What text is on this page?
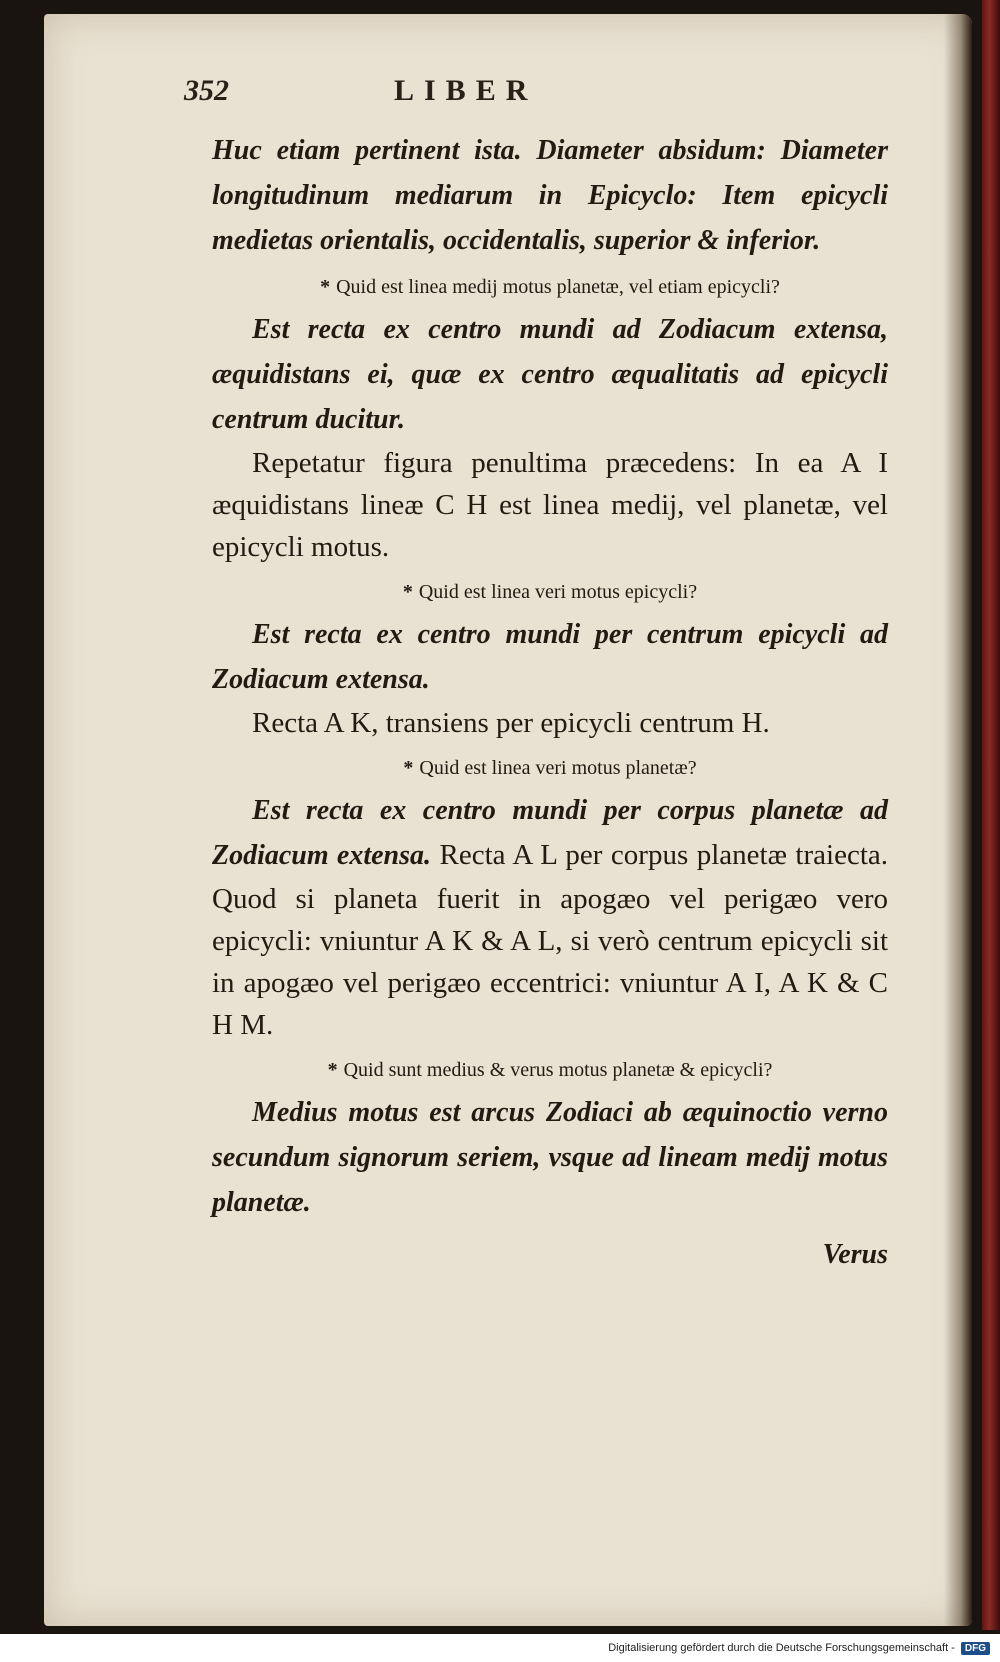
352	LIBER

Huc etiam pertinent ista. Diameter absidum: Diameter longitudinum mediarum in Epicyclo: Item epicycli medietas orientalis, occidentalis, superior & inferior.

* Quid est linea medij motus planetæ, vel etiam epicycli?

Est recta ex centro mundi ad Zodiacum extensa, æquidistans ei, quæ ex centro æqualitatis ad epicycli centrum ducitur.

Repetatur figura penultima præcedens: In ea A I æquidistans lineæ C H est linea medij, vel planetæ, vel epicycli motus.

* Quid est linea veri motus epicycli?

Est recta ex centro mundi per centrum epicycli ad Zodiacum extensa.

Recta A K, transiens per epicycli centrum H.

* Quid est linea veri motus planetæ?

Est recta ex centro mundi per corpus planetæ ad Zodiacum extensa. Recta A L per corpus planetæ traiecta. Quod si planeta fuerit in apogæo vel perigæo vero epicycli: vniuntur A K & A L, si verò centrum epicycli sit in apogæo vel perigæo eccentrici: vniuntur A I, A K & C H M.

* Quid sunt medius & verus motus planetæ & epicycli?

Medius motus est arcus Zodiaci ab æquinoctio verno secundum signorum seriem, vsque ad lineam medij motus planetæ.

Verus

Digitalisierung gefördert durch die Deutsche Forschungsgemeinschaft -	DFG
